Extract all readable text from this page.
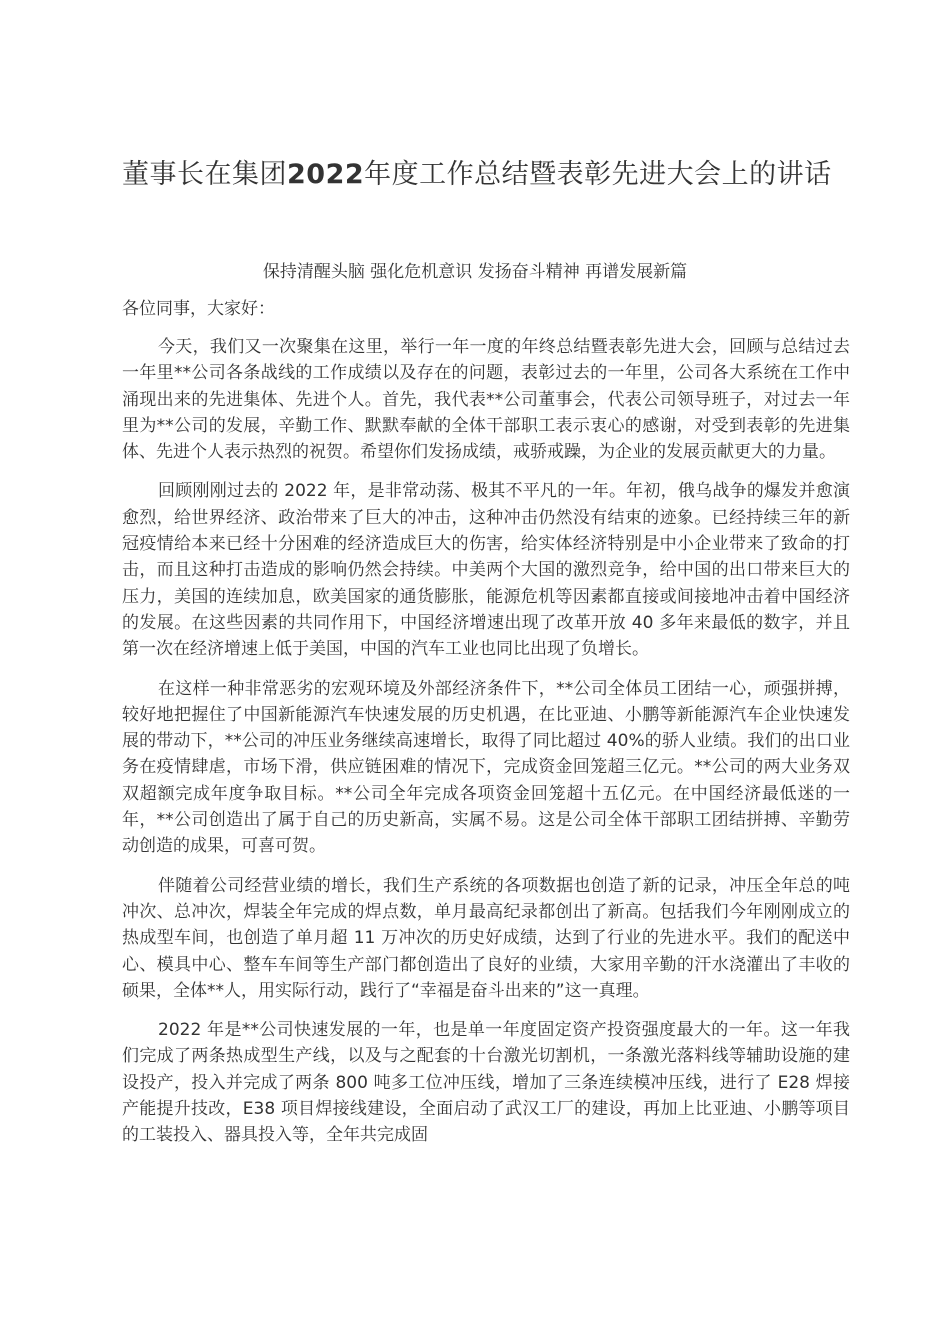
董事长在集团2022年度工作总结暨表彰先进大会上的讲话
保持清醒头脑 强化危机意识 发扬奋斗精神 再谱发展新篇
各位同事，大家好：

今天，我们又一次聚集在这里，举行一年一度的年终总结暨表彰先进大会，回顾与总结过去一年里**公司各条战线的工作成绩以及存在的问题，表彰过去的一年里，公司各大系统在工作中涌现出来的先进集体、先进个人。首先，我代表**公司董事会，代表公司领导班子，对过去一年里为**公司的发展，辛勤工作、默默奉献的全体干部职工表示衷心的感谢，对受到表彰的先进集体、先进个人表示热烈的祝贺。希望你们发扬成绩，戒骄戒躁，为企业的发展贡献更大的力量。

回顾刚刚过去的 2022 年，是非常动荡、极其不平凡的一年。年初，俄乌战争的爆发并愈演愈烈，给世界经济、政治带来了巨大的冲击，这种冲击仍然没有结束的迹象。已经持续三年的新冠疫情给本来已经十分困难的经济造成巨大的伤害，给实体经济特别是中小企业带来了致命的打击，而且这种打击造成的影响仍然会持续。中美两个大国的激烈竞争，给中国的出口带来巨大的压力，美国的连续加息，欧美国家的通货膨胀，能源危机等因素都直接或间接地冲击着中国经济的发展。在这些因素的共同作用下，中国经济增速出现了改革开放 40 多年来最低的数字，并且第一次在经济增速上低于美国，中国的汽车工业也同比出现了负增长。

在这样一种非常恶劣的宏观环境及外部经济条件下，**公司全体员工团结一心，顽强拼搏，较好地把握住了中国新能源汽车快速发展的历史机遇，在比亚迪、小鹏等新能源汽车企业快速发展的带动下，**公司的冲压业务继续高速增长，取得了同比超过 40%的骄人业绩。我们的出口业务在疫情肆虐，市场下滑，供应链困难的情况下，完成资金回笼超三亿元。**公司的两大业务双双超额完成年度争取目标。**公司全年完成各项资金回笼超十五亿元。在中国经济最低迷的一年，**公司创造出了属于自己的历史新高，实属不易。这是公司全体干部职工团结拼搏、辛勤劳动创造的成果，可喜可贺。

伴随着公司经营业绩的增长，我们生产系统的各项数据也创造了新的记录，冲压全年总的吨冲次、总冲次，焊装全年完成的焊点数，单月最高纪录都创出了新高。包括我们今年刚刚成立的热成型车间，也创造了单月超 11 万冲次的历史好成绩，达到了行业的先进水平。我们的配送中心、模具中心、整车车间等生产部门都创造出了良好的业绩，大家用辛勤的汗水浇灌出了丰收的硕果，全体**人，用实际行动，践行了“幸福是奋斗出来的”这一真理。

2022 年是**公司快速发展的一年，也是单一年度固定资产投资强度最大的一年。这一年我们完成了两条热成型生产线，以及与之配套的十台激光切割机，一条激光落料线等辅助设施的建设投产，投入并完成了两条 800 吨多工位冲压线，增加了三条连续模冲压线，进行了 E28 焊接产能提升技改，E38 项目焊接线建设，全面启动了武汉工厂的建设，再加上比亚迪、小鹏等项目的工装投入、器具投入等，全年共完成固
